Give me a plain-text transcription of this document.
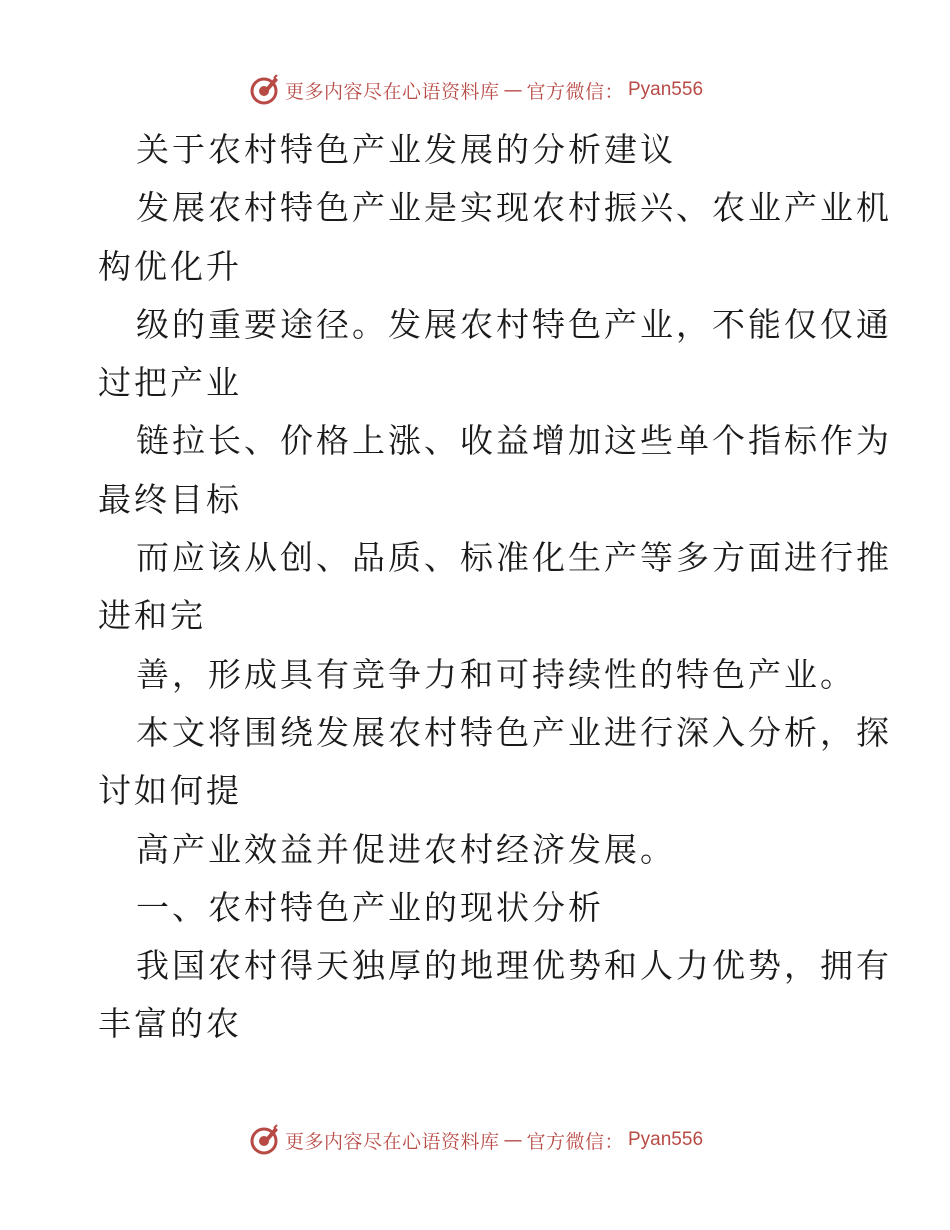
更多内容尽在心语资料库 — 官方微信： Pyan556
关于农村特色产业发展的分析建议
发展农村特色产业是实现农村振兴、农业产业机
构优化升
级的重要途径。发展农村特色产业，不能仅仅通
过把产业
链拉长、价格上涨、收益增加这些单个指标作为
最终目标
而应该从创、品质、标准化生产等多方面进行推
进和完
善，形成具有竞争力和可持续性的特色产业。
本文将围绕发展农村特色产业进行深入分析，探
讨如何提
高产业效益并促进农村经济发展。
一、农村特色产业的现状分析
我国农村得天独厚的地理优势和人力优势，拥有
丰富的农
更多内容尽在心语资料库 — 官方微信： Pyan556
